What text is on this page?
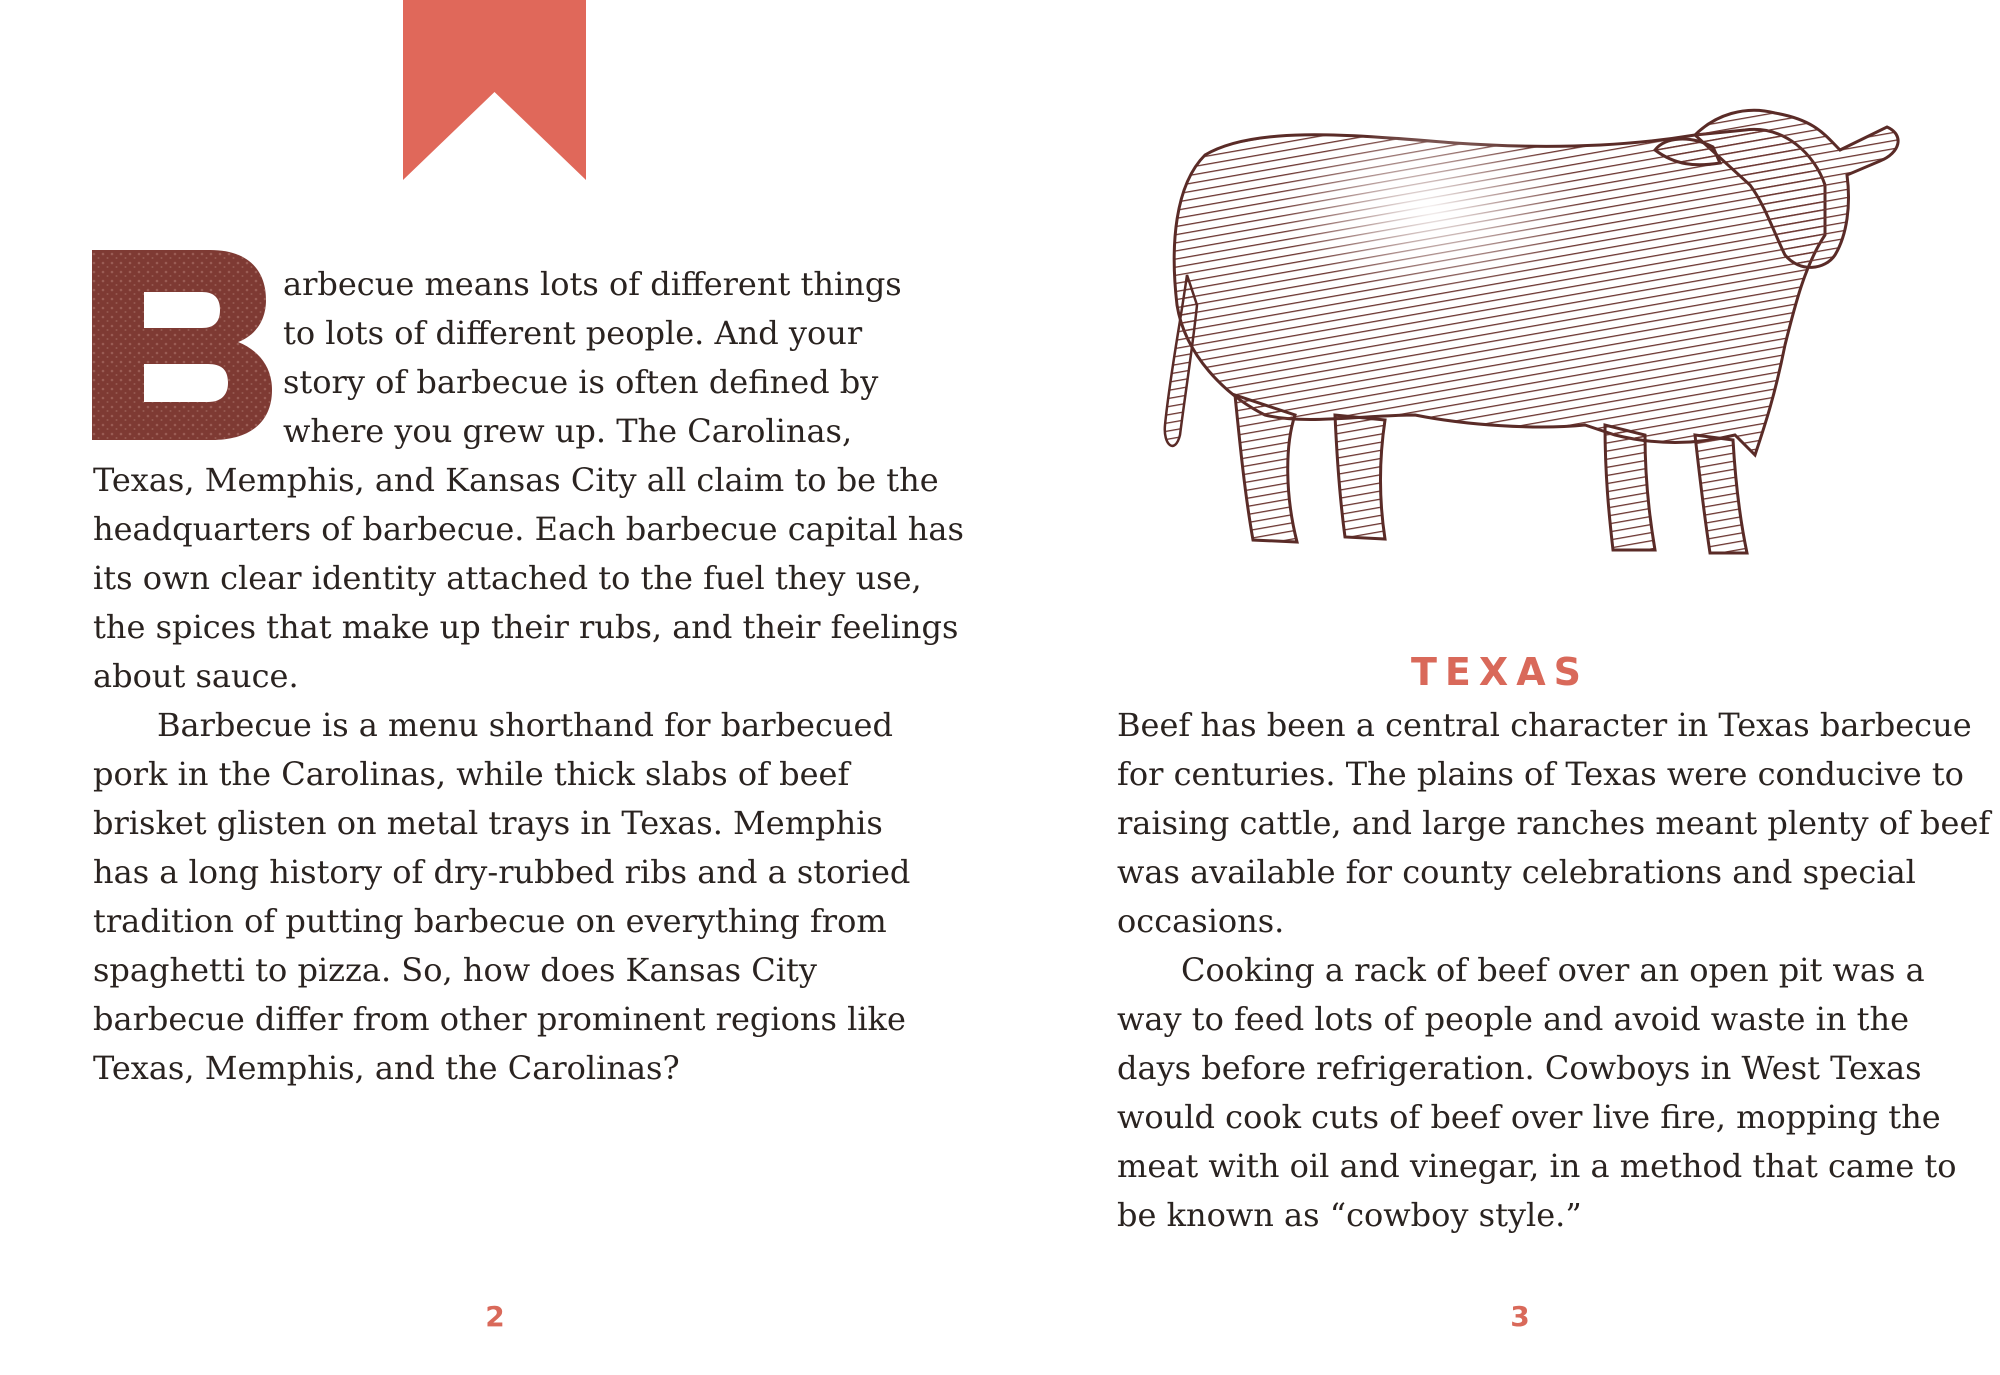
arbecue means lots of different things
to lots of different people. And your
story of barbecue is often defined by
where you grew up. The Carolinas,

Texas, Memphis, and Kansas City all claim to be the
headquarters of barbecue. Each barbecue capital has
its own clear identity attached to the fuel they use,
the spices that make up their rubs, and their feelings
about sauce.
Barbecue is a menu shorthand for barbecued
pork in the Carolinas, while thick slabs of beef
brisket glisten on metal trays in Texas. Memphis
has a long history of dry-rubbed ribs and a storied
tradition of putting barbecue on everything from
spaghetti to pizza. So, how does Kansas City
barbecue differ from other prominent regions like
Texas, Memphis, and the Carolinas?

2

TEXAS

Beef has been a central character in Texas barbecue
for centuries. The plains of Texas were conducive to
raising cattle, and large ranches meant plenty of beef
was available for county celebrations and special
occasions.
Cooking a rack of beef over an open pit was a
way to feed lots of people and avoid waste in the
days before refrigeration. Cowboys in West Texas
would cook cuts of beef over live fire, mopping the
meat with oil and vinegar, in a method that came to
be known as “cowboy style.”

3
